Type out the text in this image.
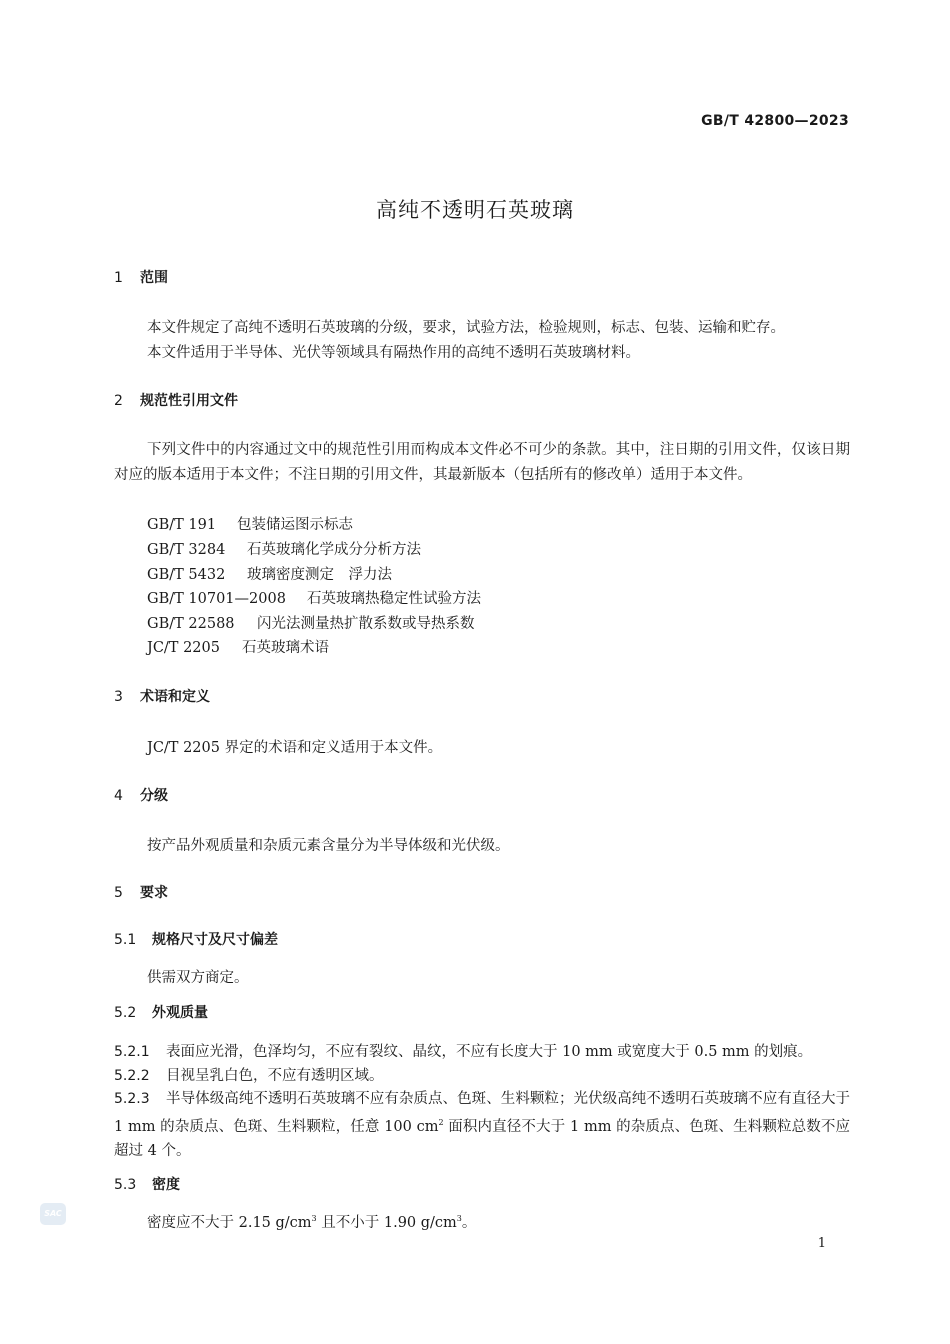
GB/T 42800—2023
高纯不透明石英玻璃
1 范围
本文件规定了高纯不透明石英玻璃的分级，要求，试验方法，检验规则，标志、包装、运输和贮存。
本文件适用于半导体、光伏等领域具有隔热作用的高纯不透明石英玻璃材料。
2 规范性引用文件
下列文件中的内容通过文中的规范性引用而构成本文件必不可少的条款。其中，注日期的引用文件，仅该日期对应的版本适用于本文件；不注日期的引用文件，其最新版本（包括所有的修改单）适用于本文件。
GB/T 191 包装储运图示标志
GB/T 3284 石英玻璃化学成分分析方法
GB/T 5432 玻璃密度测定　浮力法
GB/T 10701—2008 石英玻璃热稳定性试验方法
GB/T 22588 闪光法测量热扩散系数或导热系数
JC/T 2205 石英玻璃术语
3 术语和定义
JC/T 2205 界定的术语和定义适用于本文件。
4 分级
按产品外观质量和杂质元素含量分为半导体级和光伏级。
5 要求
5.1 规格尺寸及尺寸偏差
供需双方商定。
5.2 外观质量
5.2.1 表面应光滑，色泽均匀，不应有裂纹、晶纹，不应有长度大于 10 mm 或宽度大于 0.5 mm 的划痕。
5.2.2 目视呈乳白色，不应有透明区域。
5.2.3 半导体级高纯不透明石英玻璃不应有杂质点、色斑、生料颗粒；光伏级高纯不透明石英玻璃不应有直径大于 1 mm 的杂质点、色斑、生料颗粒，任意 100 $cm^2$ 面积内直径不大于 1 mm 的杂质点、色斑、生料颗粒总数不应超过 4 个。
5.3 密度
密度应不大于 2.15 $g/cm^3$ 且不小于 1.90 $g/cm^3$。
SAC
1
